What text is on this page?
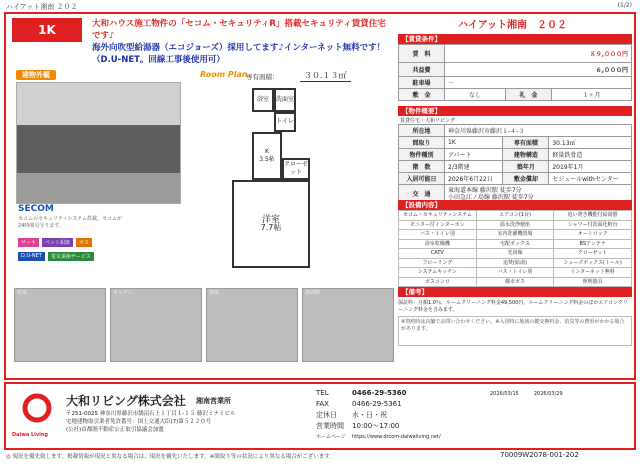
ハイアット湘南 ２０２	(1/2)
1K	大和ハウス施工物件の「セコム・セキュリティR」搭載セキュリティ賃貸住宅です♪
海外向吹型給湯器（エコジョーズ）採用してます♪インターネット無料です！
（D.U-NET。回線工事後使用可）
建物外観
SECOM
セコムのセキュリティシステム搭載。セコムが24時間見守ります。
サッキ	ペット相談	ガス
D.U-NET	電気乗換サービス
Room Plan
専有面積：	３０.１３㎡
浴室 洗面室
トイレ
K
3.5帖
クローゼット
洋室
7.7帖
居室	キッチン	浴室	洗面所
ハイアット湘南　２０２
【賃貸条件】
賃　料	８９,０００円		
共益費	６,０００円		
駐車場	－		
敷　金	なし	礼　金	１ヶ月
【物件概要】
賃貸住宅・大和リビング
所在地	神奈川県藤沢市藤沢１-４-３		
間取り	1K	専有面積	30.13㎡
物件種別	アパート	建物構造	軽量鉄骨造
階　数	2/3階建	築年月	2019年1月
入居可能日	2026年6月22日	敷金償却	セジュールwithセンター
交　通	東海道本線 藤沢駅 徒歩7分
小田急江ノ島線 藤沢駅 徒歩7分		
【設備内容】
セコム・セキュリティシステム	エアコン(1台)	追い焚き機能付給湯器
モニター付インターホン	温水洗浄便座	シャワー付洗面化粧台
バス・トイレ別	室内洗濯機置場	オートロック
浴室乾燥機	宅配ボックス	BSアンテナ
CATV	光回線	クローゼット
フローリング	追焚(給湯)	シューズボックス(トール)
システムキッチン	バス・トイレ別	インターネット無料
ガスコンロ	都市ガス	照明器具
【備考】
保証料：月額1.0％、ルームクリーニング料金49,500円、ルームクリーニング料金のほかエアコンクリーニング料金を含みます。
※契約時は店舗でお問い合わせください。※入居時に地域の鍵交換料金、消臭等の費用がかかる場合があります。
Daiwa Living
大和リビング株式会社 湘南営業所
〒251-0025 神奈川県藤沢市鵠沼石上１丁目１-１５ 藤沢ミナミビル
宅地建物取引業者免許番号：国土交通大臣(7)第５２２０号
(公社)首都圏不動産公正取引協議会加盟
TEL	0466-29-5360
FAX	0466-29-5361
定休日 水・日・祝
営業時間 10:00～17:00
ホームページ https://www.drcom-daiwaliving.net/
2026/03/15　　　	2026/03/29
◎ 現況を優先致します。掲載情報が現況と異なる場合は、現況を優先いたします。※間取り等の状況により異なる場合がございます。	70009W2078-001-202
